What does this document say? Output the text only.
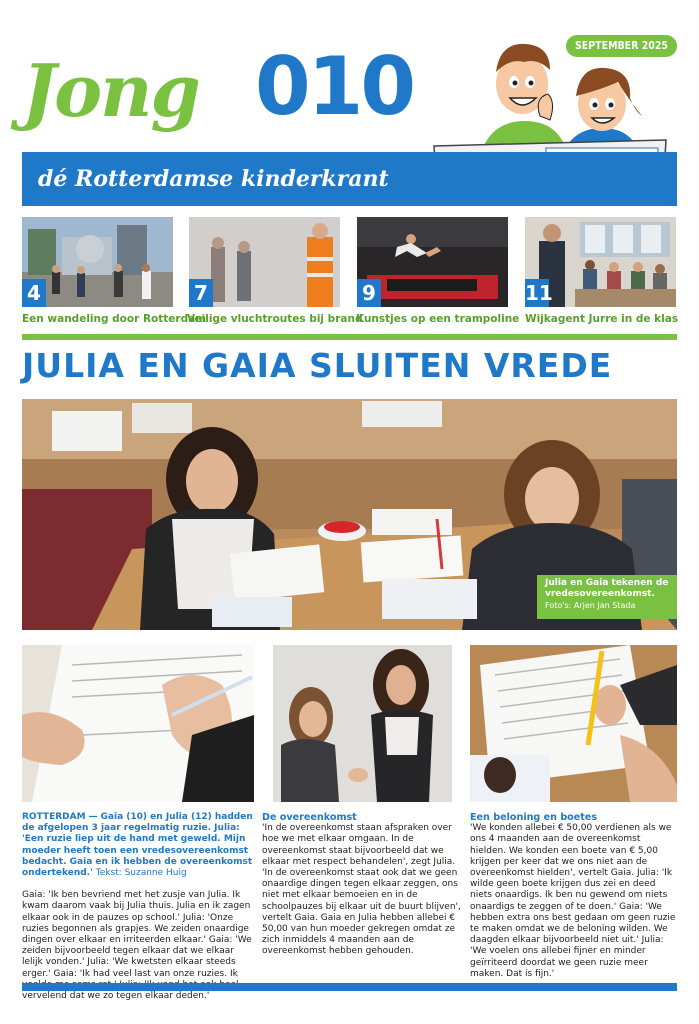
Jong 010	SEPTEMBER 2025
dé Rotterdamse kinderkrant
4	7	9	11
Een wandeling door Rotterdam
Veilige vluchtroutes bij brand
Kunstjes op een trampoline Wijkagent Jurre in de klas
JULIA EN GAIA SLUITEN VREDE
Julia en Gaia tekenen de vredesovereenkomst.
Foto's: Arjen Jan Stada

ROTTERDAM — Gaia (10) en Julia (12) hadden de afgelopen 3 jaar regelmatig ruzie. Julia: 'Een ruzie liep uit de hand met geweld. Mijn moeder heeft toen een vredesovereenkomst bedacht. Gaia en ik hebben de overeenkomst ondertekend.' Tekst: Suzanne Huig

Gaia: 'Ik ben bevriend met het zusje van Julia. Ik kwam daarom vaak bij Julia thuis. Julia en ik zagen elkaar ook in de pauzes op school.' Julia: 'Onze ruzies begonnen als grapjes. We zeiden onaardige dingen over elkaar en irriteerden elkaar.' Gaia: 'We zeiden bijvoorbeeld tegen elkaar dat we elkaar lelijk vonden.' Julia: 'We kwetsten elkaar steeds erger.' Gaia: 'Ik had veel last van onze ruzies. Ik vervelend dat we zo tegen elkaar deden.'

De overeenkomst

'In de overeenkomst staan afspraken over hoe we met elkaar omgaan. In de overeenkomst staat bijvoorbeeld dat we elkaar met respect behandelen', zegt Julia. 'In de overeenkomst staat ook dat we geen onaardige dingen tegen elkaar zeggen, ons niet met elkaar bemoeien en in de schoolpauzes bij elkaar uit de buurt blijven', vertelt Gaia. Gaia en Julia hebben allebei € 50,00 van hun moeder gekregen omdat ze zich inmiddels 4 maanden aan de overeenkomst hebben gehouden.

Een beloning en boetes

'We konden allebei € 50,00 verdienen als we ons 4 maanden aan de overeenkomst hielden. We konden een boete van € 5,00 krijgen per keer dat we ons niet aan de overeenkomst hielden', vertelt Gaia. Julia: 'Ik wilde geen boete krijgen dus zei en deed niets onaardigs. Ik ben nu gewend om niets onaardigs te zeggen of te doen.' Gaia: 'We hebben extra ons best gedaan om geen ruzie te maken omdat we de beloning wilden. We daagden elkaar bijvoorbeeld niet uit.' Julia: 'We voelen ons allebei fijner en minder geïrriteerd doordat we geen ruzie meer maken. Dat is fijn.'
